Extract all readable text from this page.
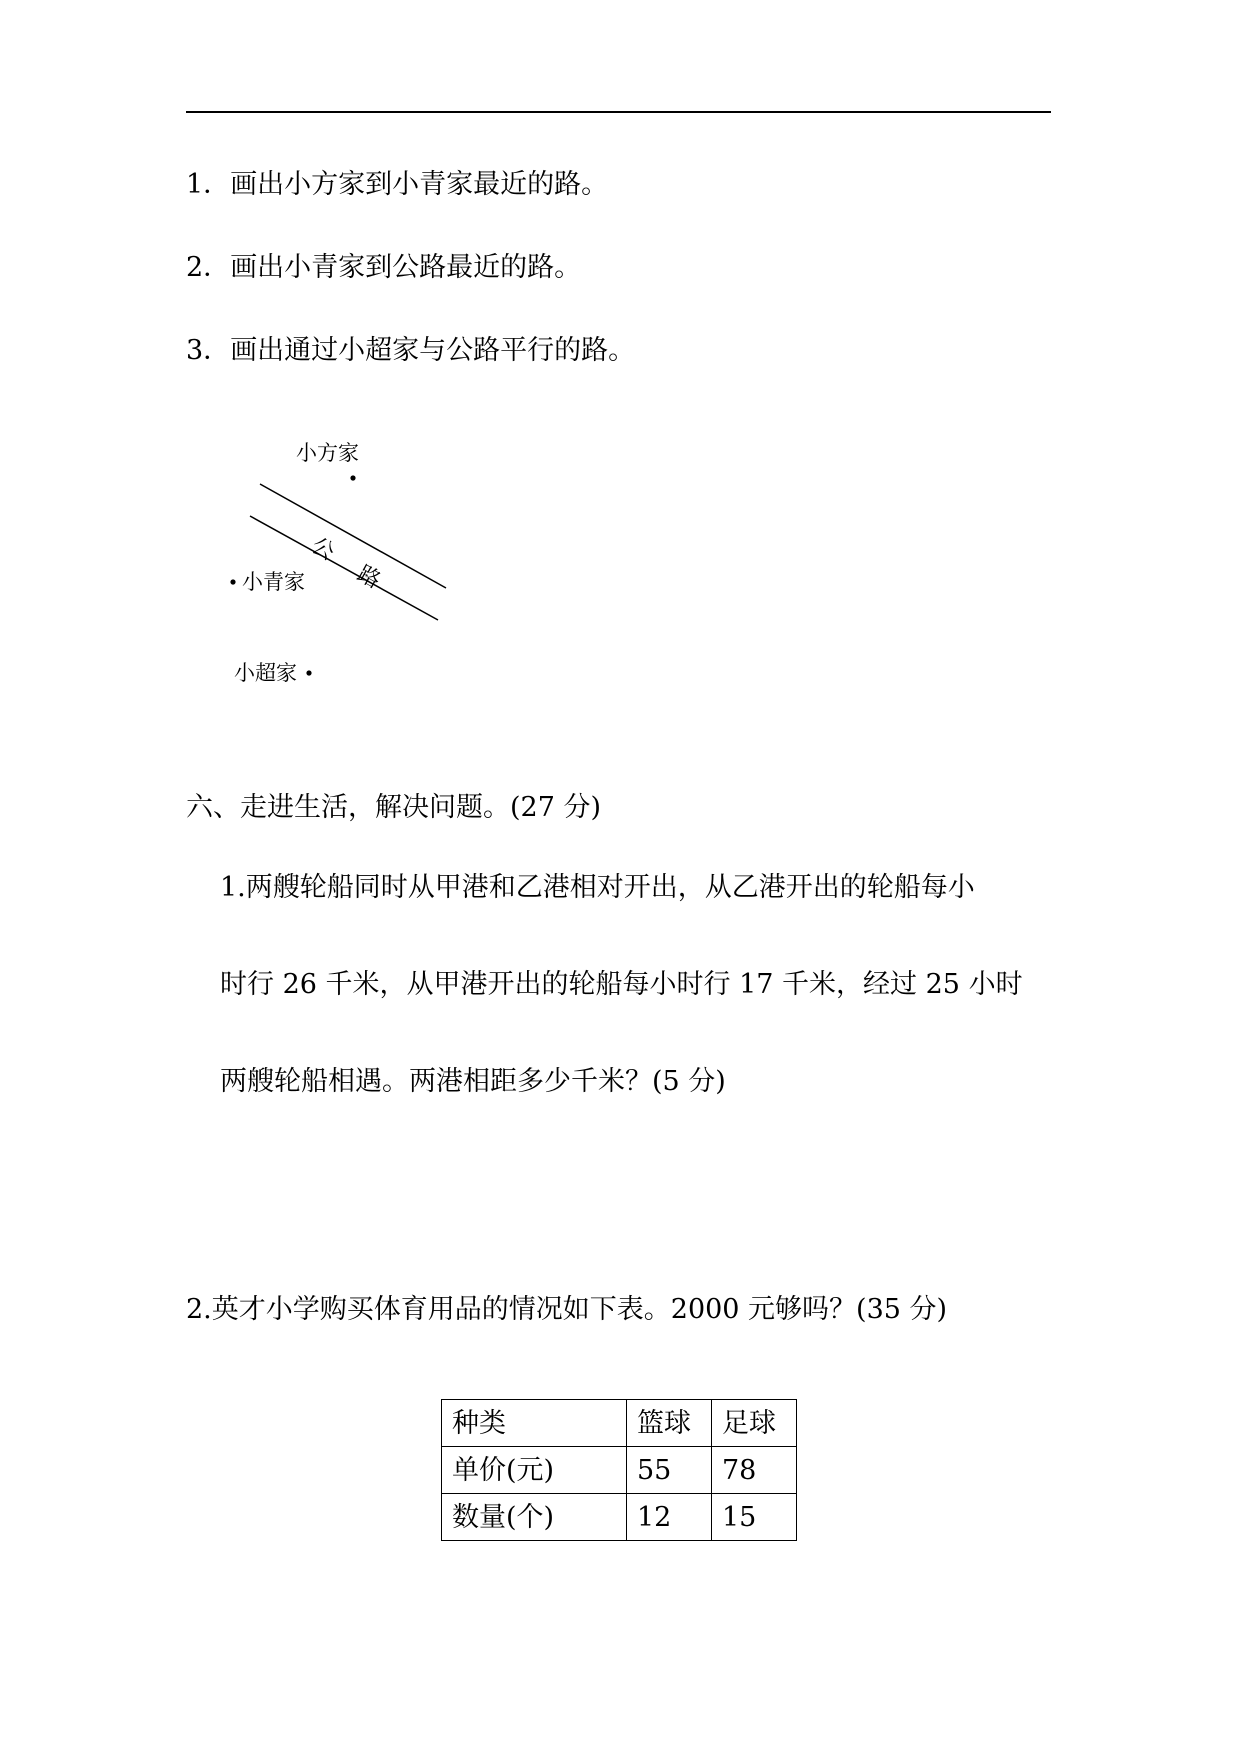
1．画出小方家到小青家最近的路。
2．画出小青家到公路最近的路。
3．画出通过小超家与公路平行的路。
小方家
公
路
小青家
小超家
六、走进生活，解决问题。(27 分)
1.两艘轮船同时从甲港和乙港相对开出，从乙港开出的轮船每小
时行 26 千米，从甲港开出的轮船每小时行 17 千米，经过 25 小时
两艘轮船相遇。两港相距多少千米？(5 分)
2.英才小学购买体育用品的情况如下表。2000 元够吗？(35 分)
种类	篮球	足球
单价(元)	55	78
数量(个)	12	15
